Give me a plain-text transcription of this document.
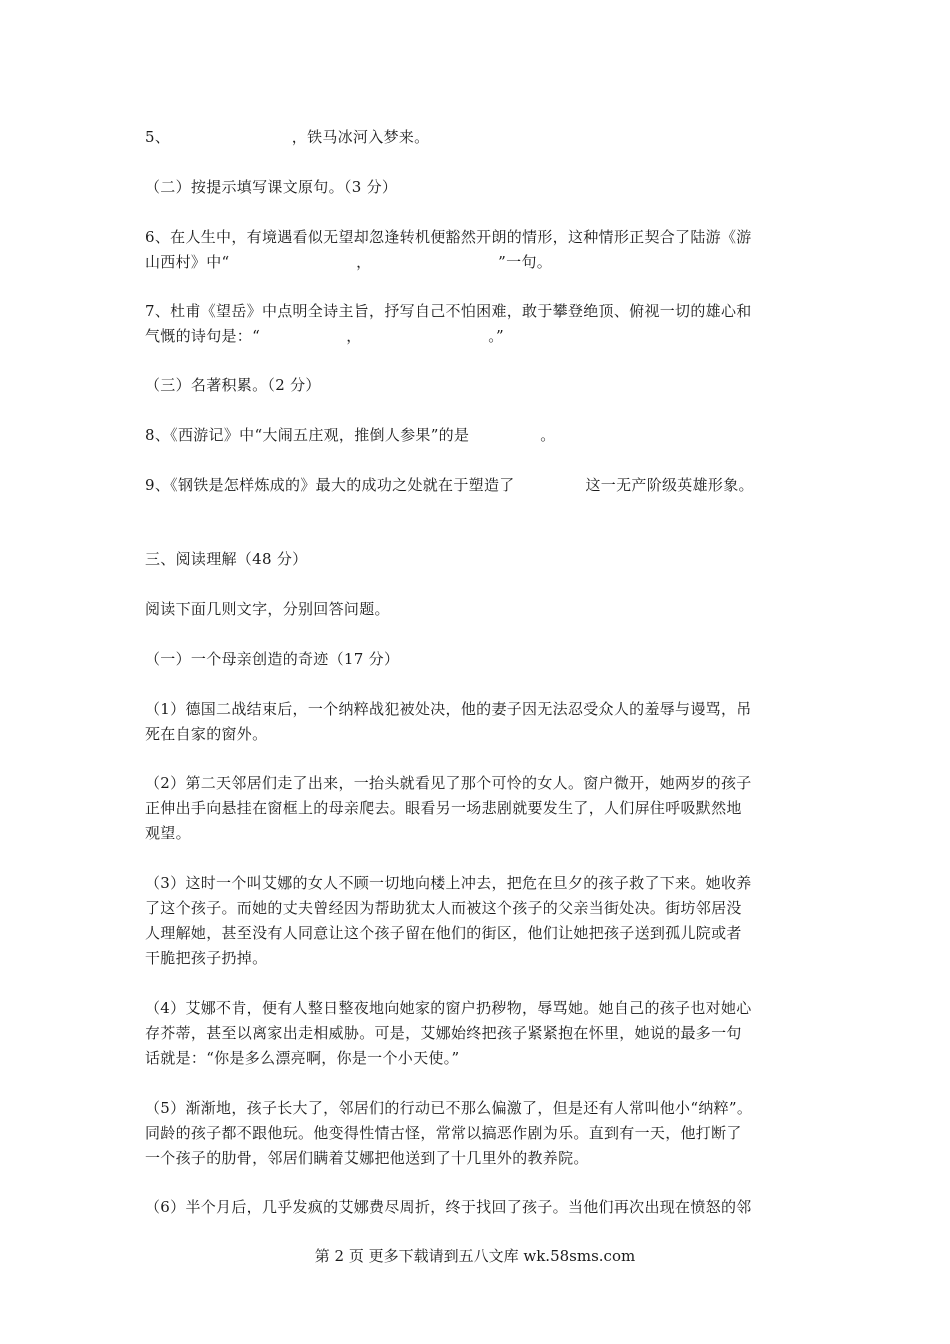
5、                        ，铁马冰河入梦来。
（二）按提示填写课文原句。（3 分）
6、在人生中，有境遇看似无望却忽逢转机便豁然开朗的情形，这种情形正契合了陆游《游
山西村》中“                         ，                         ”一句。
7、杜甫《望岳》中点明全诗主旨，抒写自己不怕困难，敢于攀登绝顶、俯视一切的雄心和
气慨的诗句是：“                 ，                         。”
（三）名著积累。（2 分）
8、《西游记》中“大闹五庄观，推倒人参果”的是              。
9、《钢铁是怎样炼成的》最大的成功之处就在于塑造了              这一无产阶级英雄形象。
三、阅读理解（48 分）
阅读下面几则文字，分别回答问题。
（一）一个母亲创造的奇迹（17 分）
（1）德国二战结束后，一个纳粹战犯被处决，他的妻子因无法忍受众人的羞辱与谩骂，吊
死在自家的窗外。
（2）第二天邻居们走了出来，一抬头就看见了那个可怜的女人。窗户微开，她两岁的孩子
正伸出手向悬挂在窗框上的母亲爬去。眼看另一场悲剧就要发生了，人们屏住呼吸默然地
观望。
（3）这时一个叫艾娜的女人不顾一切地向楼上冲去，把危在旦夕的孩子救了下来。她收养
了这个孩子。而她的丈夫曾经因为帮助犹太人而被这个孩子的父亲当街处决。街坊邻居没
人理解她，甚至没有人同意让这个孩子留在他们的街区，他们让她把孩子送到孤儿院或者
干脆把孩子扔掉。
（4）艾娜不肯，便有人整日整夜地向她家的窗户扔秽物，辱骂她。她自己的孩子也对她心
存芥蒂，甚至以离家出走相威胁。可是，艾娜始终把孩子紧紧抱在怀里，她说的最多一句
话就是：“你是多么漂亮啊，你是一个小天使。”
（5）渐渐地，孩子长大了，邻居们的行动已不那么偏激了，但是还有人常叫他小“纳粹”。
同龄的孩子都不跟他玩。他变得性情古怪，常常以搞恶作剧为乐。直到有一天，他打断了
一个孩子的肋骨，邻居们瞒着艾娜把他送到了十几里外的教养院。
（6）半个月后，几乎发疯的艾娜费尽周折，终于找回了孩子。当他们再次出现在愤怒的邻
第 2 页 更多下载请到五八文库 wk.58sms.com
